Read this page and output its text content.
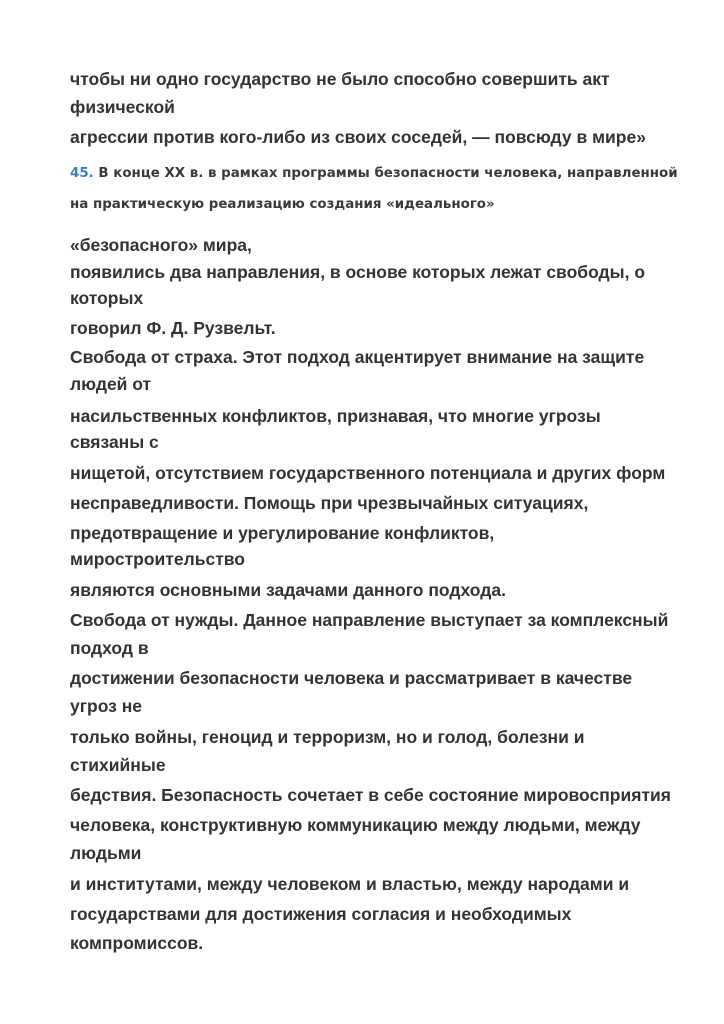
чтобы ни одно государство не было способно совершить акт

физической

агрессии против кого-либо из своих соседей, — повсюду в мире»

45. В конце XX в. в рамках программы безопасности человека, направленной

на практическую реализацию создания «идеального»

«безопасного» мира,

появились два направления, в основе которых лежат свободы, о

которых

говорил Ф. Д. Рузвельт.

Свобода от страха. Этот подход акцентирует внимание на защите

людей от

насильственных конфликтов, признавая, что многие угрозы

связаны с

нищетой, отсутствием государственного потенциала и других форм

несправедливости. Помощь при чрезвычайных ситуациях,

предотвращение и урегулирование конфликтов,

миростроительство

являются основными задачами данного подхода.

Свобода от нужды. Данное направление выступает за комплексный

подход в

достижении безопасности человека и рассматривает в качестве

угроз не

только войны, геноцид и терроризм, но и голод, болезни и

стихийные

бедствия. Безопасность сочетает в себе состояние мировосприятия

человека, конструктивную коммуникацию между людьми, между

людьми

и институтами, между человеком и властью, между народами и

государствами для достижения согласия и необходимых

компромиссов.
